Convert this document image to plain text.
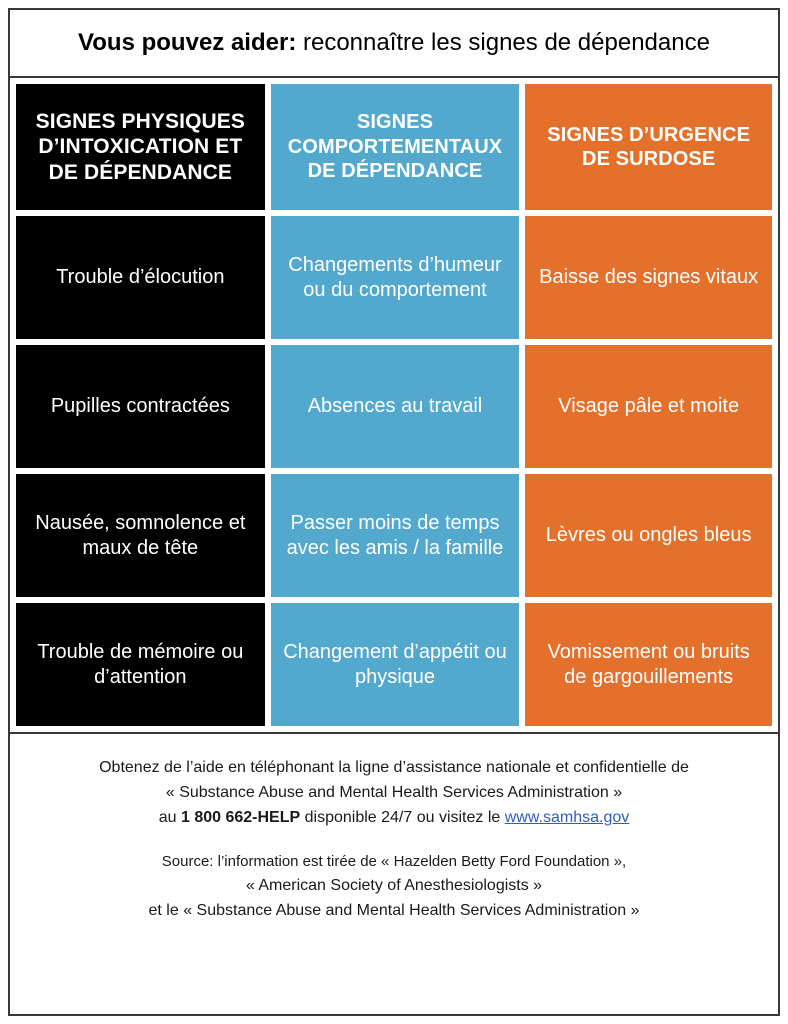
Vous pouvez aider: reconnaître les signes de dépendance
SIGNES PHYSIQUES D’INTOXICATION ET DE DÉPENDANCE
SIGNES COMPORTEMENTAUX DE DÉPENDANCE
SIGNES D’URGENCE DE SURDOSE
Trouble d’élocution
Changements d’humeur ou du comportement
Baisse des signes vitaux
Pupilles contractées	Absences au travail	Visage pâle et moite
Nausée, somnolence et maux de tête
Passer moins de temps avec les amis / la famille
Lèvres ou ongles bleus
Trouble de mémoire ou d’attention
Changement d’appétit ou physique
Vomissement ou bruits de gargouillements

Obtenez de l’aide en téléphonant la ligne d’assistance nationale et confidentielle de

« Substance Abuse and Mental Health Services Administration »

au 1 800 662-HELP disponible 24/7 ou visitez le www.samhsa.gov

Source: l’information est tirée de « Hazelden Betty Ford Foundation »,

« American Society of Anesthesiologists »

et le « Substance Abuse and Mental Health Services Administration »
